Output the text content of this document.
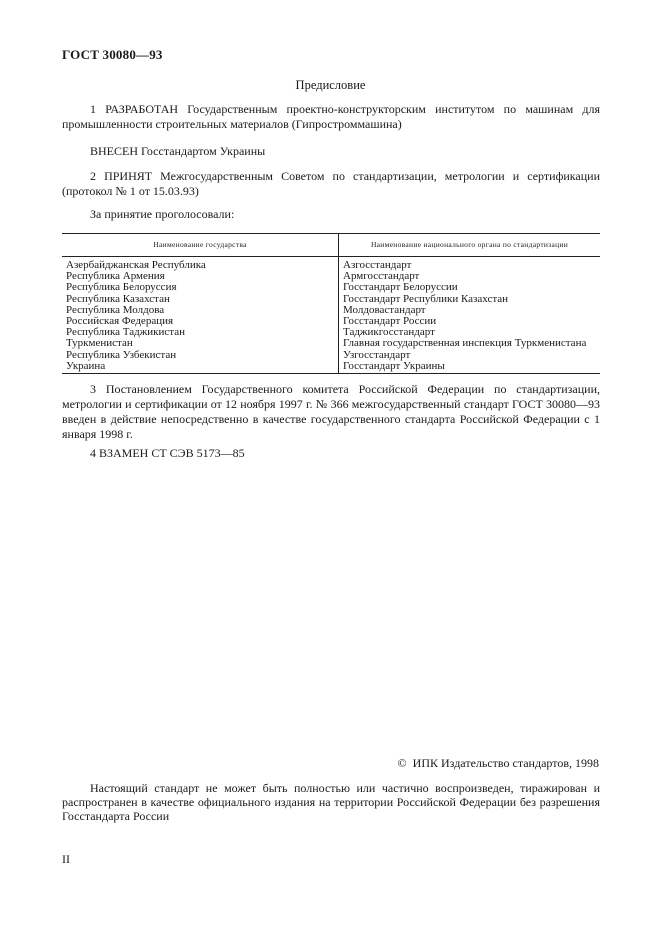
ГОСТ 30080—93
Предисловие
1 РАЗРАБОТАН Государственным проектно-конструкторским институтом по машинам для промышленности строительных материалов (Гипростроммашина)
ВНЕСЕН Госстандартом Украины
2 ПРИНЯТ Межгосударственным Советом по стандартизации, метрологии и сертификации (протокол № 1 от 15.03.93)
За принятие проголосовали:
Наименование государства	Наименование национального органа по стандартизации
Азербайджанская Республика	Азгосстандарт
Республика Армения	Армгосстандарт
Республика Белоруссия	Госстандарт Белоруссии
Республика Казахстан	Госстандарт Республики Казахстан
Республика Молдова	Молдовастандарт
Российская Федерация	Госстандарт России
Республика Таджикистан	Таджикгосстандарт
Туркменистан	Главная государственная инспекция Туркменистана
Республика Узбекистан	Узгосстандарт
Украина	Госстандарт Украины
3 Постановлением Государственного комитета Российской Федерации по стандартизации, метрологии и сертификации от 12 ноября 1997 г. № 366 межгосударственный стандарт ГОСТ 30080—93 введен в действие непосредственно в качестве государственного стандарта Российской Федерации с 1 января 1998 г.
4 ВЗАМЕН СТ СЭВ 5173—85
© ИПК Издательство стандартов, 1998
Настоящий стандарт не может быть полностью или частично воспроизведен, тиражирован и распространен в качестве официального издания на территории Российской Федерации без разрешения Госстандарта России
II
